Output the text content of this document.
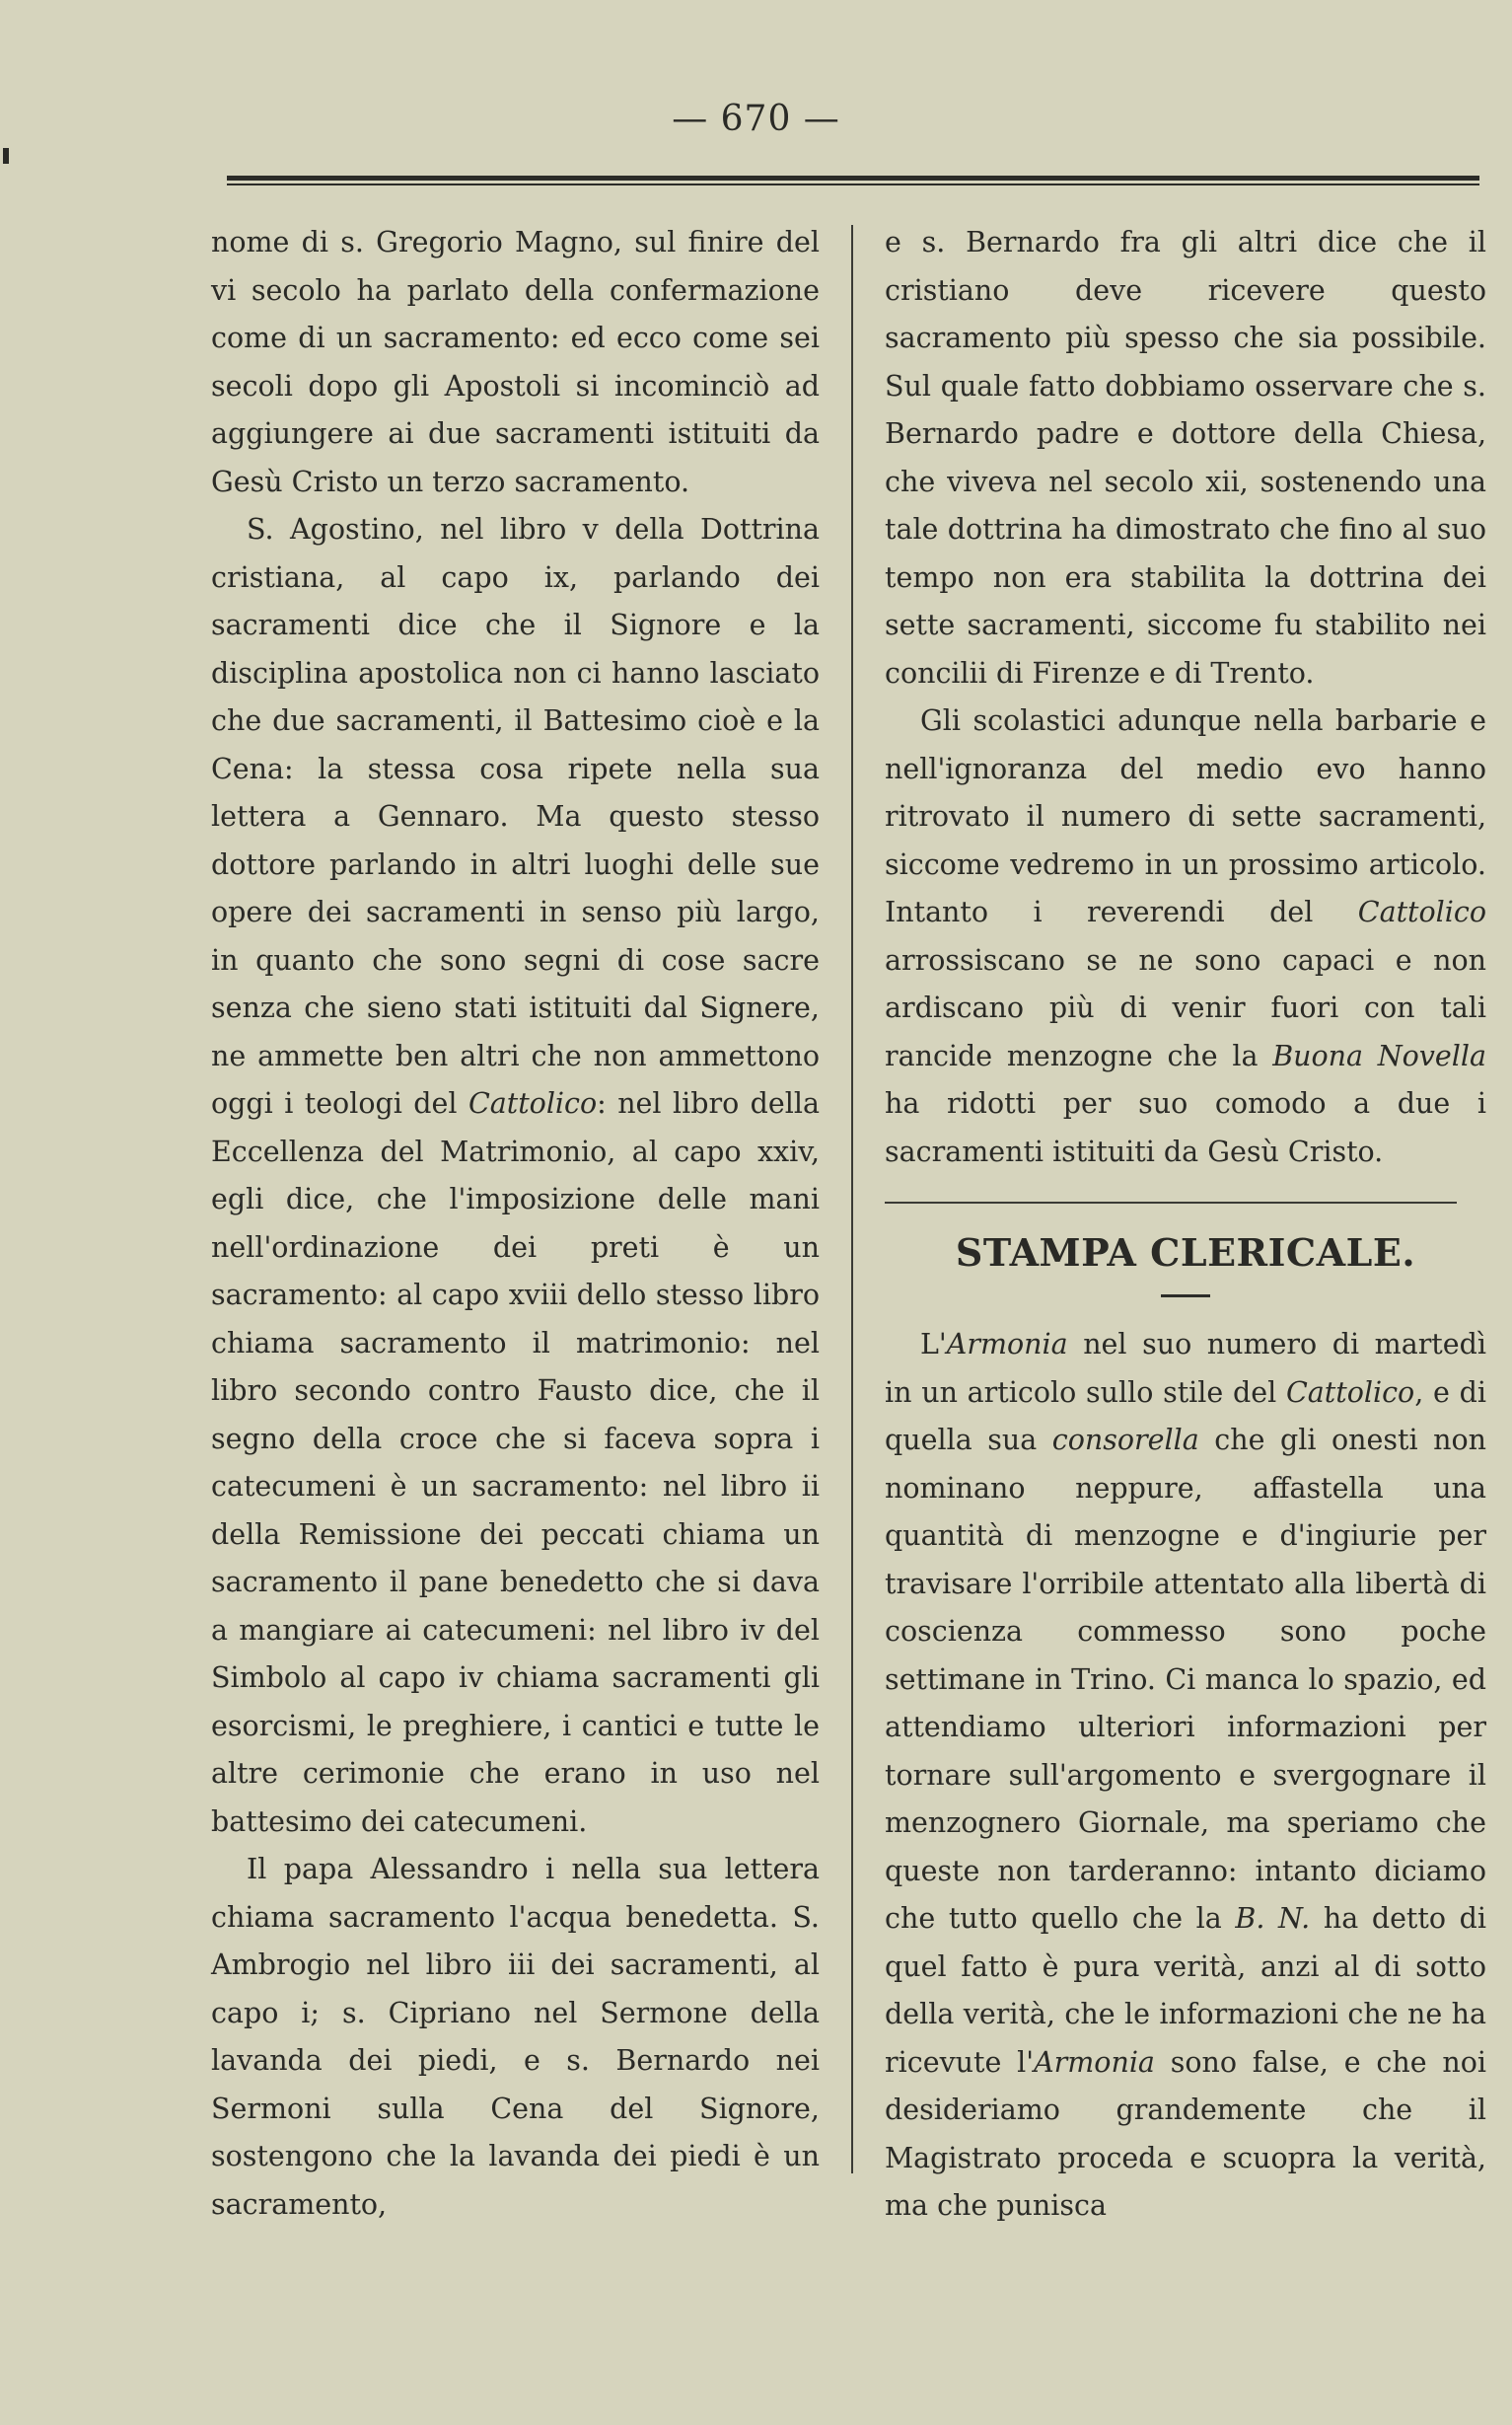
— 670 —

nome di s. Gregorio Magno, sul finire del vi secolo ha parlato della confermazione come di un sacramento: ed ecco come sei secoli dopo gli Apostoli si incominciò ad aggiungere ai due sacramenti istituiti da Gesù Cristo un terzo sacramento.

S. Agostino, nel libro v della Dottrina cristiana, al capo ix, parlando dei sacramenti dice che il Signore e la disciplina apostolica non ci hanno lasciato che due sacramenti, il Battesimo cioè e la Cena: la stessa cosa ripete nella sua lettera a Gennaro. Ma questo stesso dottore parlando in altri luoghi delle sue opere dei sacramenti in senso più largo, in quanto che sono segni di cose sacre senza che sieno stati istituiti dal Signere, ne ammette ben altri che non ammettono oggi i teologi del Cattolico: nel libro della Eccellenza del Matrimonio, al capo xxiv, egli dice, che l'imposizione delle mani nell'ordinazione dei preti è un sacramento: al capo xviii dello stesso libro chiama sacramento il matrimonio: nel libro secondo contro Fausto dice, che il segno della croce che si faceva sopra i catecumeni è un sacramento: nel libro ii della Remissione dei peccati chiama un sacramento il pane benedetto che si dava a mangiare ai catecumeni: nel libro iv del Simbolo al capo iv chiama sacramenti gli esorcismi, le preghiere, i cantici e tutte le altre cerimonie che erano in uso nel battesimo dei catecumeni.

Il papa Alessandro i nella sua lettera chiama sacramento l'acqua benedetta. S. Ambrogio nel libro iii dei sacramenti, al capo i; s. Cipriano nel Sermone della lavanda dei piedi, e s. Bernardo nei Sermoni sulla Cena del Signore, sostengono che la lavanda dei piedi è un sacramento,

e s. Bernardo fra gli altri dice che il cristiano deve ricevere questo sacramento più spesso che sia possibile. Sul quale fatto dobbiamo osservare che s. Bernardo padre e dottore della Chiesa, che viveva nel secolo xii, sostenendo una tale dottrina ha dimostrato che fino al suo tempo non era stabilita la dottrina dei sette sacramenti, siccome fu stabilito nei concilii di Firenze e di Trento.

Gli scolastici adunque nella barbarie e nell'ignoranza del medio evo hanno ritrovato il numero di sette sacramenti, siccome vedremo in un prossimo articolo. Intanto i reverendi del Cattolico arrossiscano se ne sono capaci e non ardiscano più di venir fuori con tali rancide menzogne che la Buona Novella ha ridotti per suo comodo a due i sacramenti istituiti da Gesù Cristo.

STAMPA CLERICALE.

L'Armonia nel suo numero di martedì in un articolo sullo stile del Cattolico, e di quella sua consorella che gli onesti non nominano neppure, affastella una quantità di menzogne e d'ingiurie per travisare l'orribile attentato alla libertà di coscienza commesso sono poche settimane in Trino. Ci manca lo spazio, ed attendiamo ulteriori informazioni per tornare sull'argomento e svergognare il menzognero Giornale, ma speriamo che queste non tarderanno: intanto diciamo che tutto quello che la B. N. ha detto di quel fatto è pura verità, anzi al di sotto della verità, che le informazioni che ne ha ricevute l'Armonia sono false, e che noi desideriamo grandemente che il Magistrato proceda e scuopra la verità, ma che punisca
